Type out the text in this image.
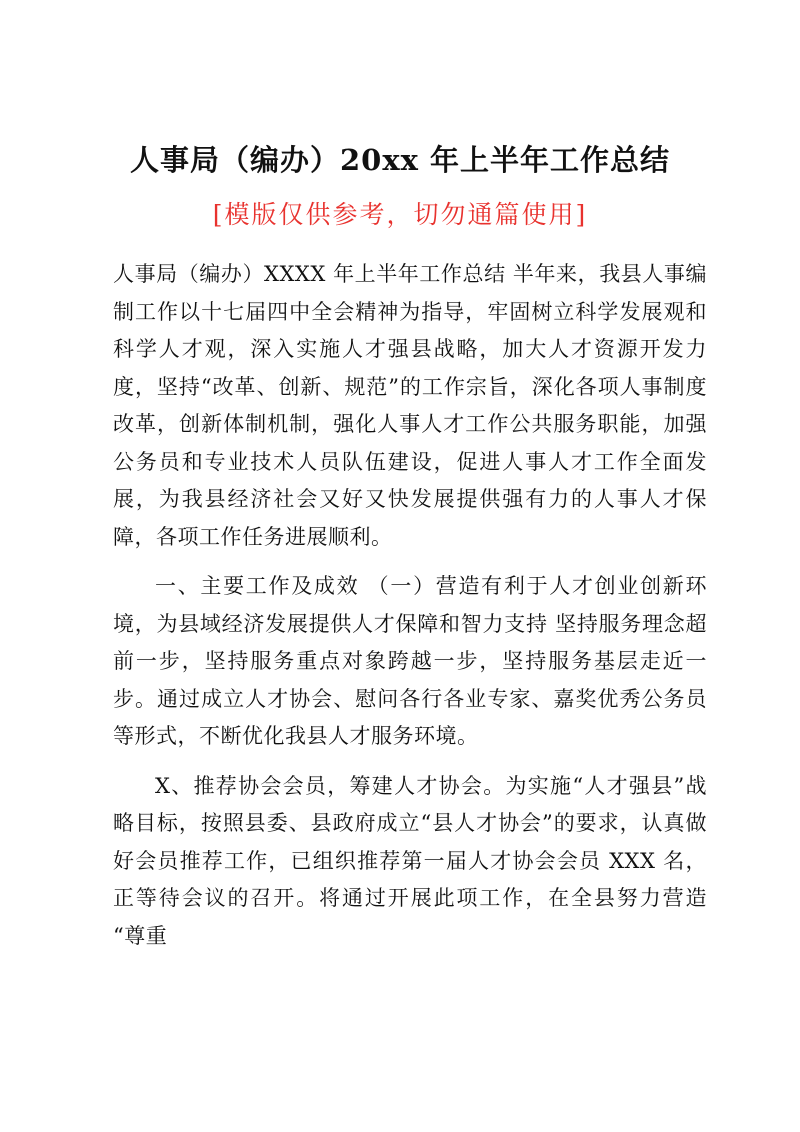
人事局（编办）20xx 年上半年工作总结

[模版仅供参考，切勿通篇使用]

人事局（编办）XXXX 年上半年工作总结 半年来，我县人事编制工作以十七届四中全会精神为指导，牢固树立科学发展观和科学人才观，深入实施人才强县战略，加大人才资源开发力度，坚持“改革、创新、规范”的工作宗旨，深化各项人事制度改革，创新体制机制，强化人事人才工作公共服务职能，加强公务员和专业技术人员队伍建设，促进人事人才工作全面发展，为我县经济社会又好又快发展提供强有力的人事人才保障，各项工作任务进展顺利。

一、主要工作及成效 （一）营造有利于人才创业创新环境，为县域经济发展提供人才保障和智力支持 坚持服务理念超前一步，坚持服务重点对象跨越一步，坚持服务基层走近一步。通过成立人才协会、慰问各行各业专家、嘉奖优秀公务员等形式，不断优化我县人才服务环境。

X、推荐协会会员，筹建人才协会。为实施“人才强县”战略目标，按照县委、县政府成立“县人才协会”的要求，认真做好会员推荐工作，已组织推荐第一届人才协会会员 XXX 名，正等待会议的召开。将通过开展此项工作，在全县努力营造 “尊重
